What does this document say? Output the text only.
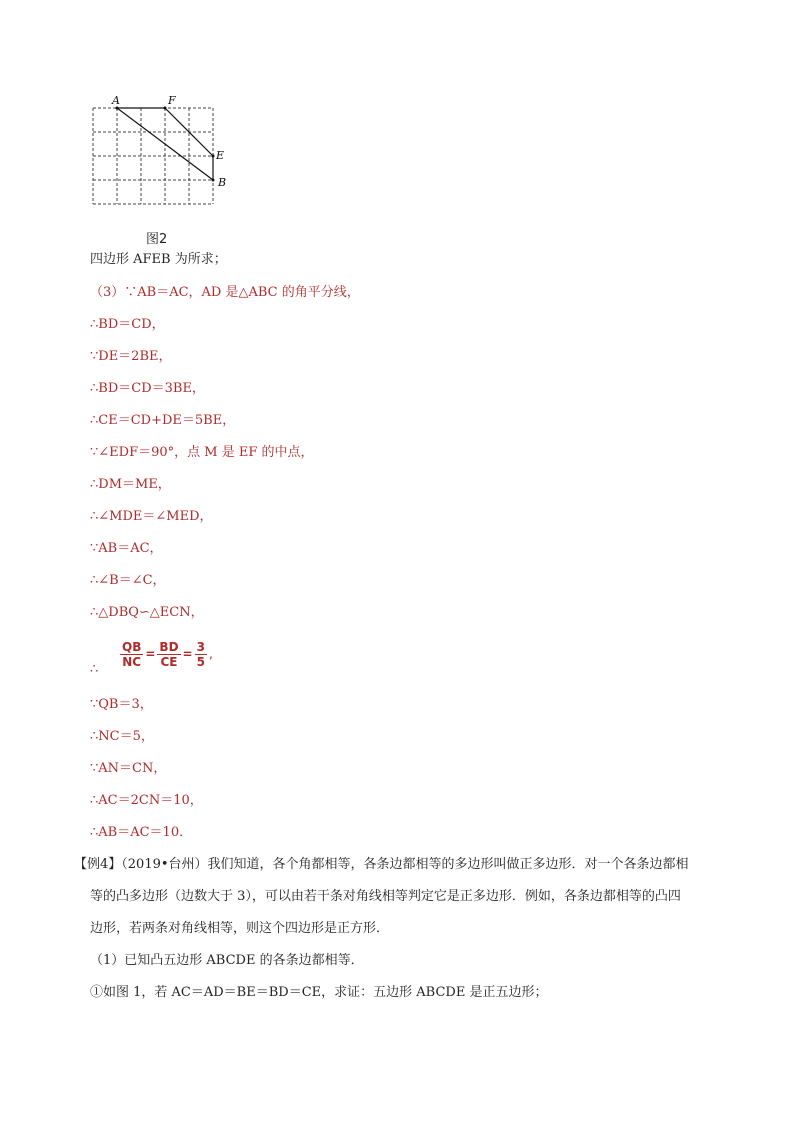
A	F
E
B
图2
四边形 AFEB 为所求；
（3）∵AB＝AC，AD 是△ABC 的角平分线，
∴BD＝CD，
∵DE＝2BE，
∴BD＝CD＝3BE，
∴CE＝CD+DE＝5BE，
∵∠EDF＝90°，点 M 是 EF 的中点，
∴DM＝ME，
∴∠MDE＝∠MED，
∵AB＝AC，
∴∠B＝∠C，
∴△DBQ∽△ECN，
∴
$\frac{QB}{NC} = \frac{BD}{CE} = \frac{3}{5}$ ,
∵QB＝3，
∴NC＝5，
∵AN＝CN，
∴AC＝2CN＝10，
∴AB＝AC＝10．
【例4】（2019•台州）我们知道，各个角都相等，各条边都相等的多边形叫做正多边形．对一个各条边都相
等的凸多边形（边数大于 3），可以由若干条对角线相等判定它是正多边形．例如，各条边都相等的凸四
边形，若两条对角线相等，则这个四边形是正方形．
（1）已知凸五边形 ABCDE 的各条边都相等．
①如图 1，若 AC＝AD＝BE＝BD＝CE，求证：五边形 ABCDE 是正五边形；
